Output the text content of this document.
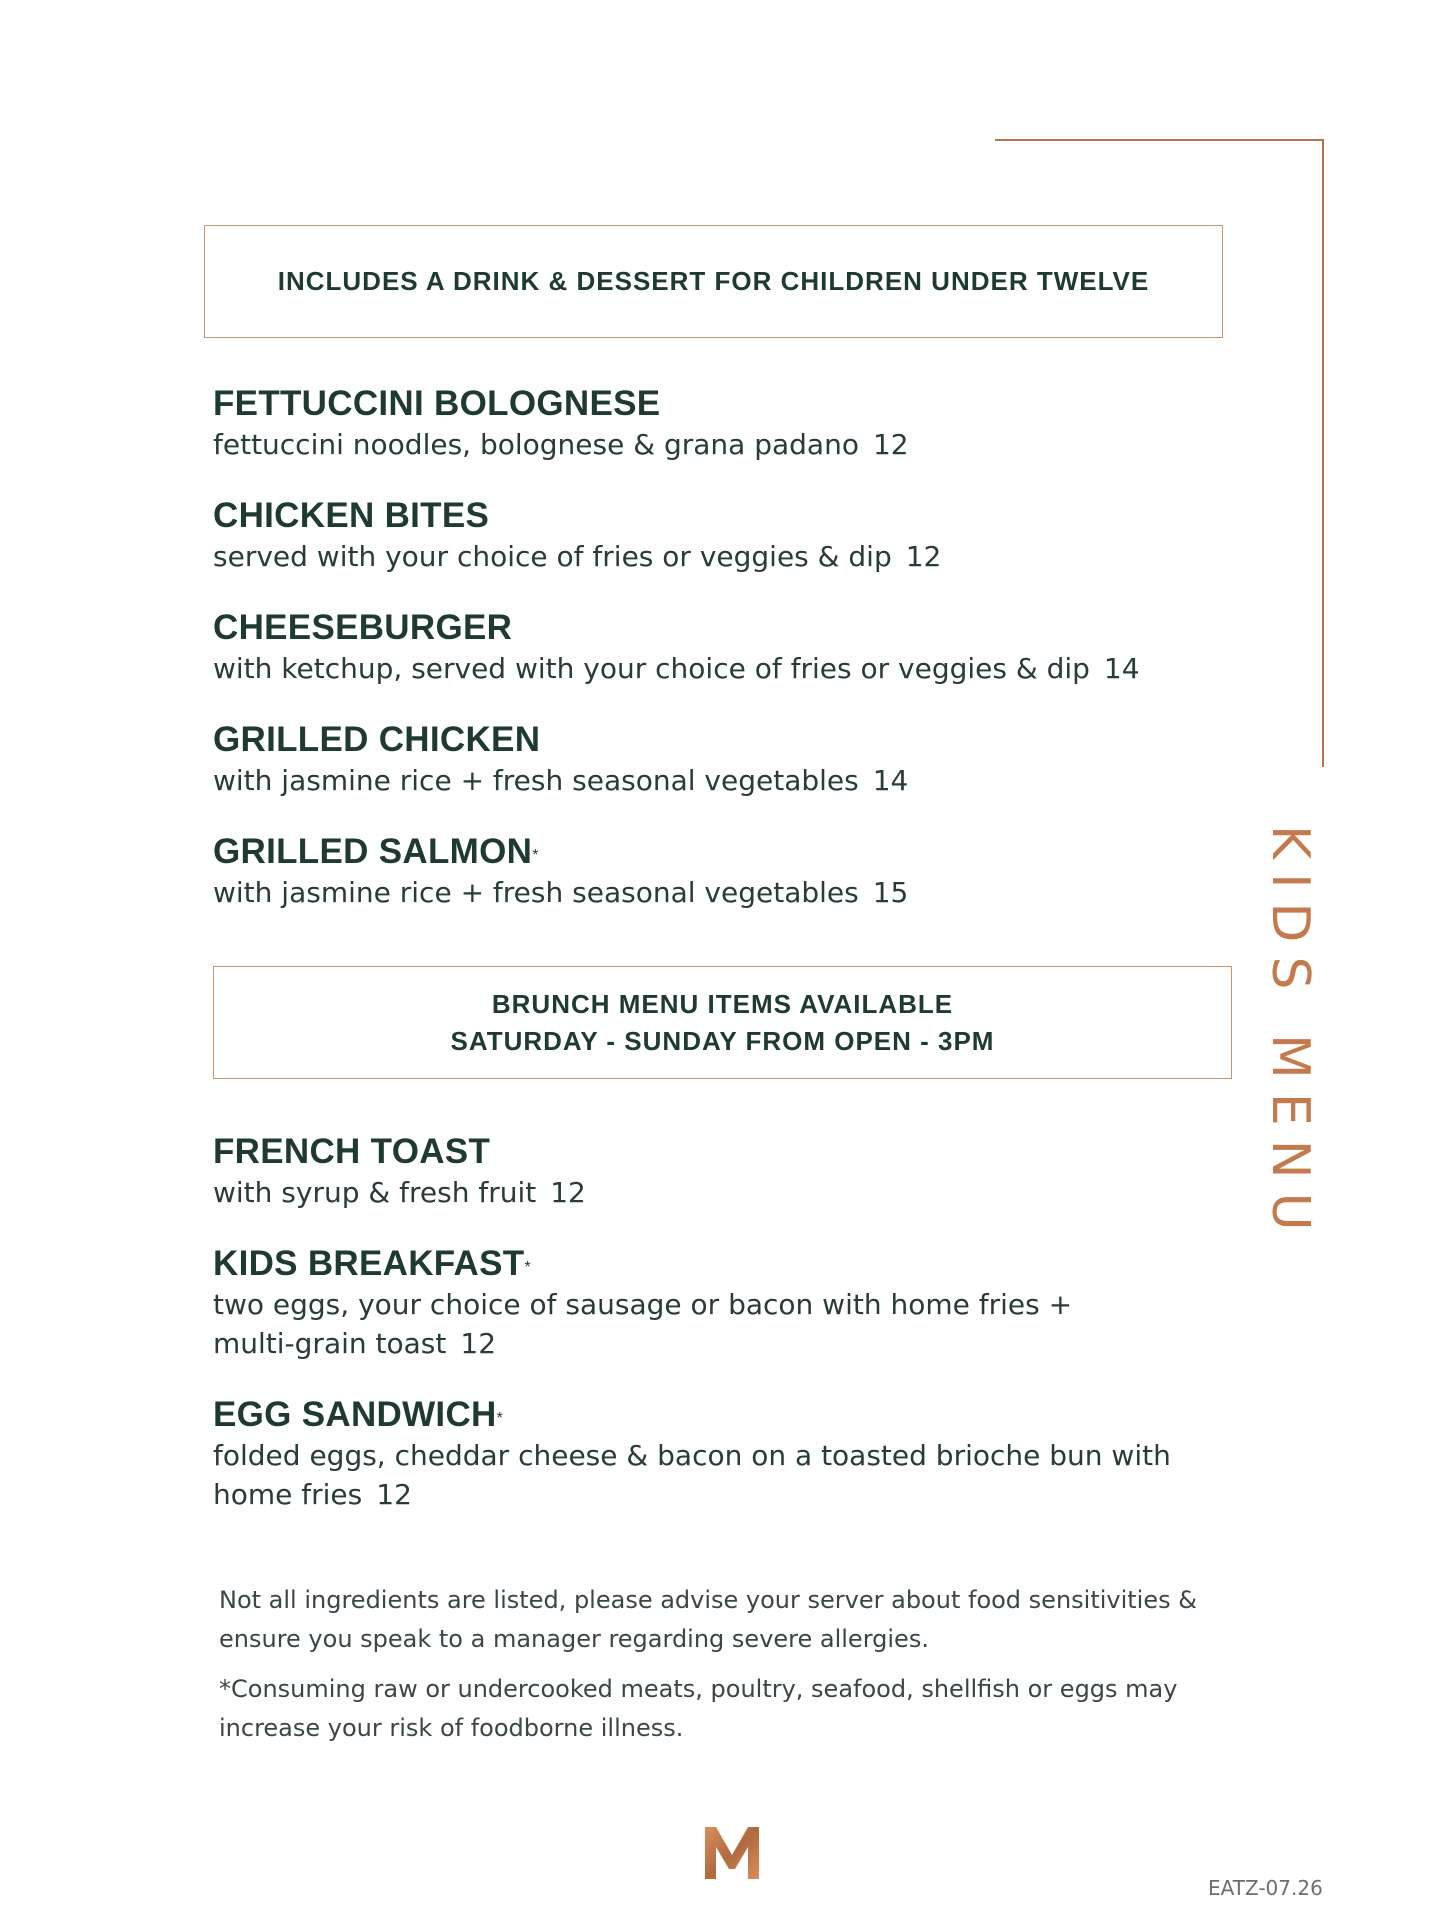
KIDS MENU
INCLUDES A DRINK & DESSERT FOR CHILDREN UNDER TWELVE
FETTUCCINI BOLOGNESE
fettuccini noodles, bolognese & grana padano 12
CHICKEN BITES
served with your choice of fries or veggies & dip 12
CHEESEBURGER
with ketchup, served with your choice of fries or veggies & dip 14
GRILLED CHICKEN
with jasmine rice + fresh seasonal vegetables 14
GRILLED SALMON*
with jasmine rice + fresh seasonal vegetables 15
BRUNCH MENU ITEMS AVAILABLE
SATURDAY - SUNDAY FROM OPEN - 3PM
FRENCH TOAST
with syrup & fresh fruit 12
KIDS BREAKFAST*
two eggs, your choice of sausage or bacon with home fries +
multi-grain toast 12
EGG SANDWICH*
folded eggs, cheddar cheese & bacon on a toasted brioche bun with
home fries 12
Not all ingredients are listed, please advise your server about food sensitivities &
ensure you speak to a manager regarding severe allergies.
*Consuming raw or undercooked meats, poultry, seafood, shellfish or eggs may
increase your risk of foodborne illness.
EATZ-07.26
